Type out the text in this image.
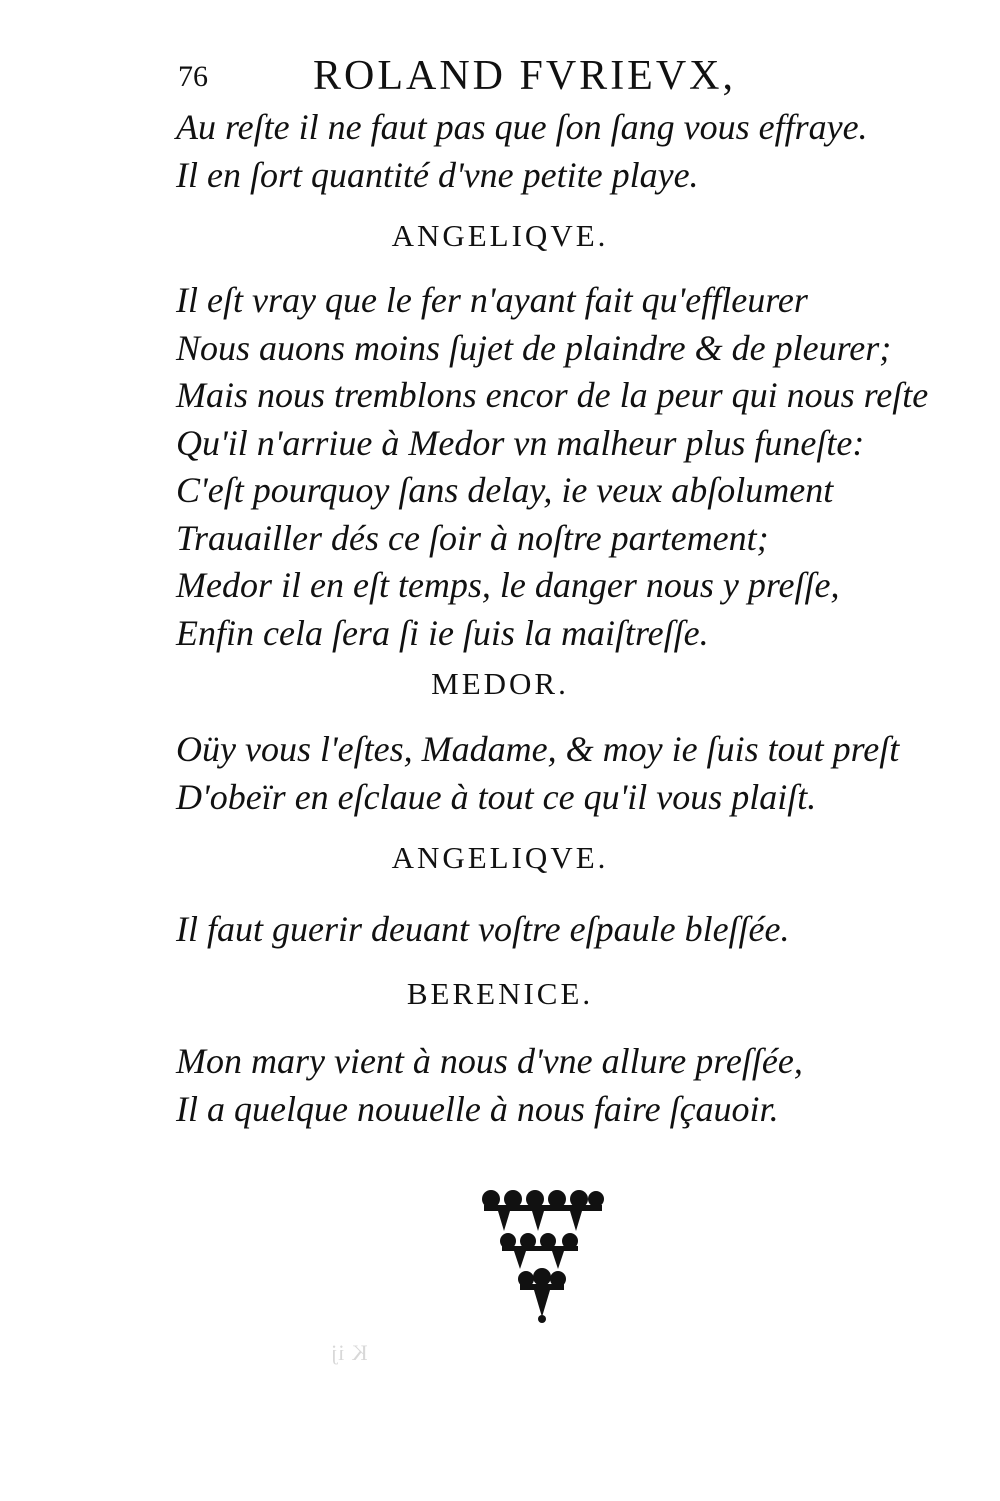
76	ROLAND FVRIEVX,
Au reſte il ne faut pas que ſon ſang vous effraye.
Il en ſort quantité d'vne petite playe.
ANGELIQVE.
Il eſt vray que le fer n'ayant fait qu'effleurer
Nous auons moins ſujet de plaindre & de pleurer;
Mais nous tremblons encor de la peur qui nous reſte
Qu'il n'arriue à Medor vn malheur plus funeſte:
C'eſt pourquoy ſans delay, ie veux abſolument
Trauailler dés ce ſoir à noſtre partement;
Medor il en eſt temps, le danger nous y preſſe,
Enfin cela ſera ſi ie ſuis la maiſtreſſe.
MEDOR.
Oüy vous l'eſtes, Madame, & moy ie ſuis tout preſt
D'obeïr en eſclaue à tout ce qu'il vous plaiſt.
ANGELIQVE.
Il faut guerir deuant voſtre eſpaule bleſſée.
BERENICE.
Mon mary vient à nous d'vne allure preſſée,
Il a quelque nouuelle à nous faire ſçauoir.
K ij
